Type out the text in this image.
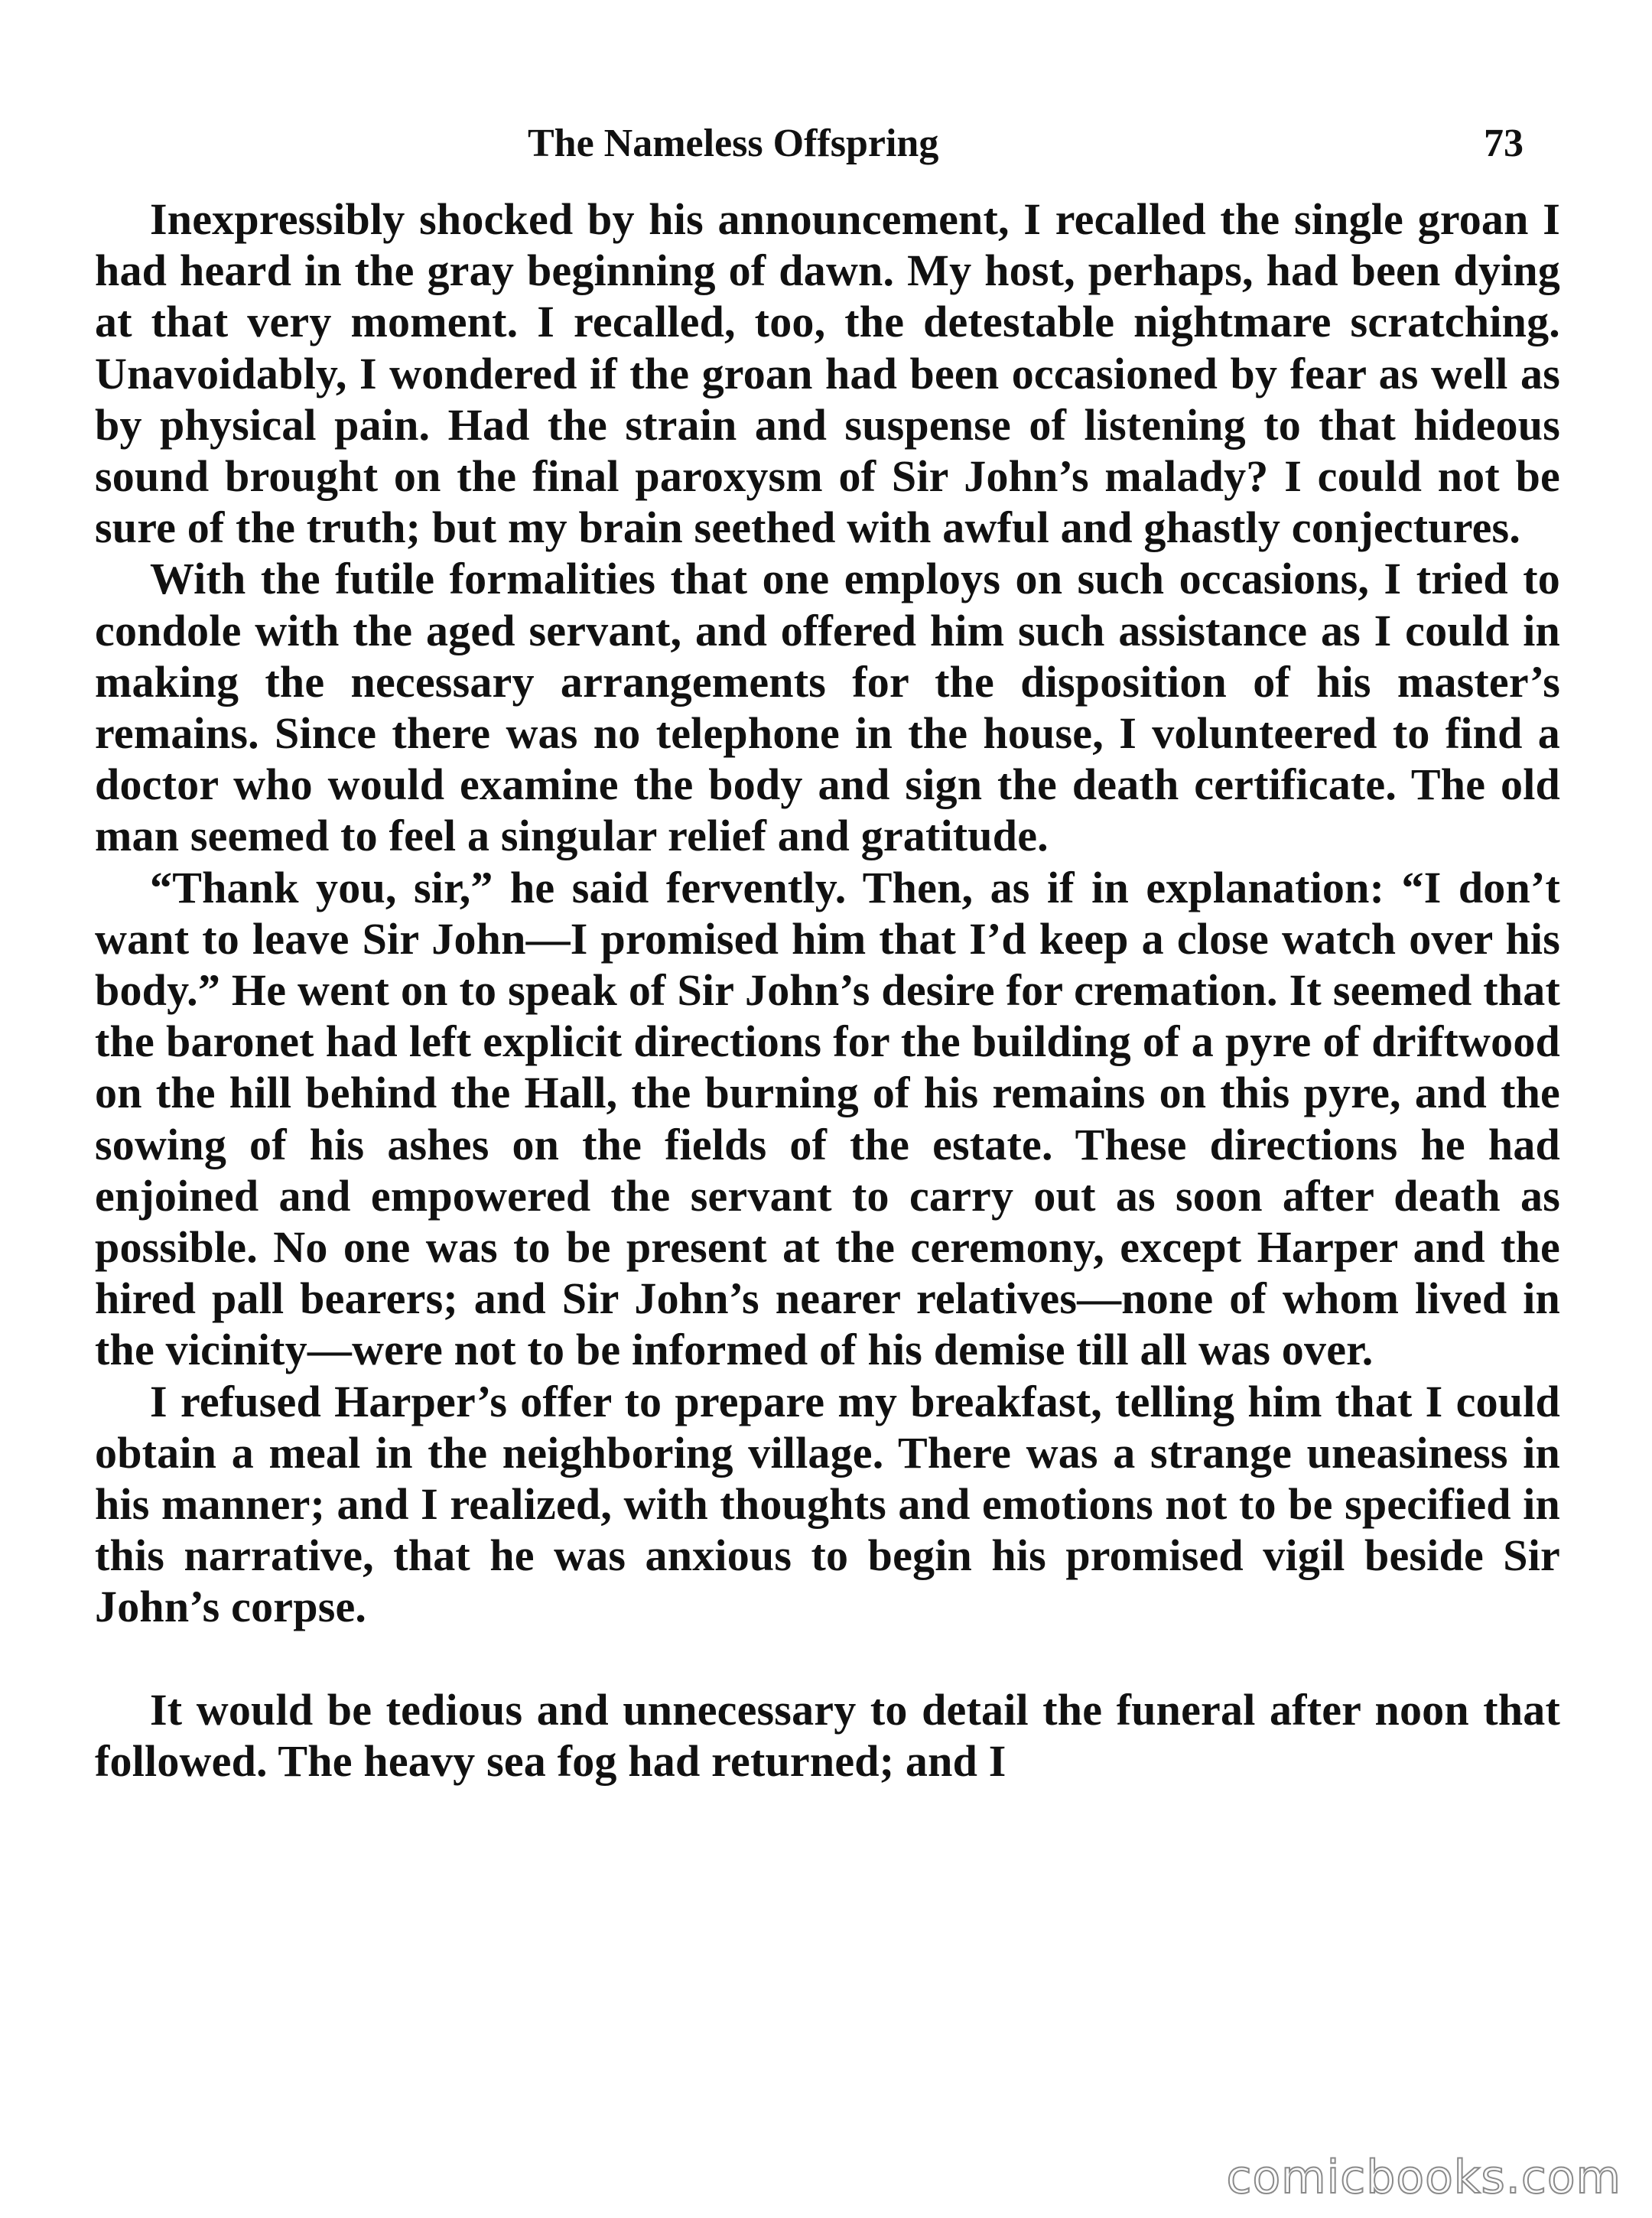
The Nameless Offspring	73

Inexpressibly shocked by his announcement, I recalled the single groan I had heard in the gray beginning of dawn. My host, perhaps, had been dying at that very moment. I recalled, too, the detestable nightmare scratching. Unavoidably, I wondered if the groan had been occasioned by fear as well as by physical pain. Had the strain and suspense of listening to that hideous sound brought on the final paroxysm of Sir John’s malady? I could not be sure of the truth; but my brain seethed with awful and ghastly conjectures.

With the futile formalities that one employs on such occasions, I tried to condole with the aged servant, and offered him such assistance as I could in making the necessary arrangements for the disposition of his master’s remains. Since there was no telephone in the house, I volunteered to find a doctor who would examine the body and sign the death certificate. The old man seemed to feel a singular relief and gratitude.

“Thank you, sir,” he said fervently. Then, as if in explanation: “I don’t want to leave Sir John—I promised him that I’d keep a close watch over his body.” He went on to speak of Sir John’s desire for cremation. It seemed that the baronet had left explicit directions for the building of a pyre of driftwood on the hill behind the Hall, the burning of his remains on this pyre, and the sowing of his ashes on the fields of the estate. These directions he had enjoined and empowered the servant to carry out as soon after death as possible. No one was to be present at the ceremony, except Harper and the hired pall bearers; and Sir John’s nearer relatives—none of whom lived in the vicinity—were not to be informed of his demise till all was over.

I refused Harper’s offer to prepare my breakfast, telling him that I could obtain a meal in the neighboring village. There was a strange uneasiness in his manner; and I realized, with thoughts and emotions not to be specified in this narrative, that he was anxious to begin his promised vigil beside Sir John’s corpse.

It would be tedious and unnecessary to detail the funeral after noon that followed. The heavy sea fog had returned; and I

comicbooks.com
